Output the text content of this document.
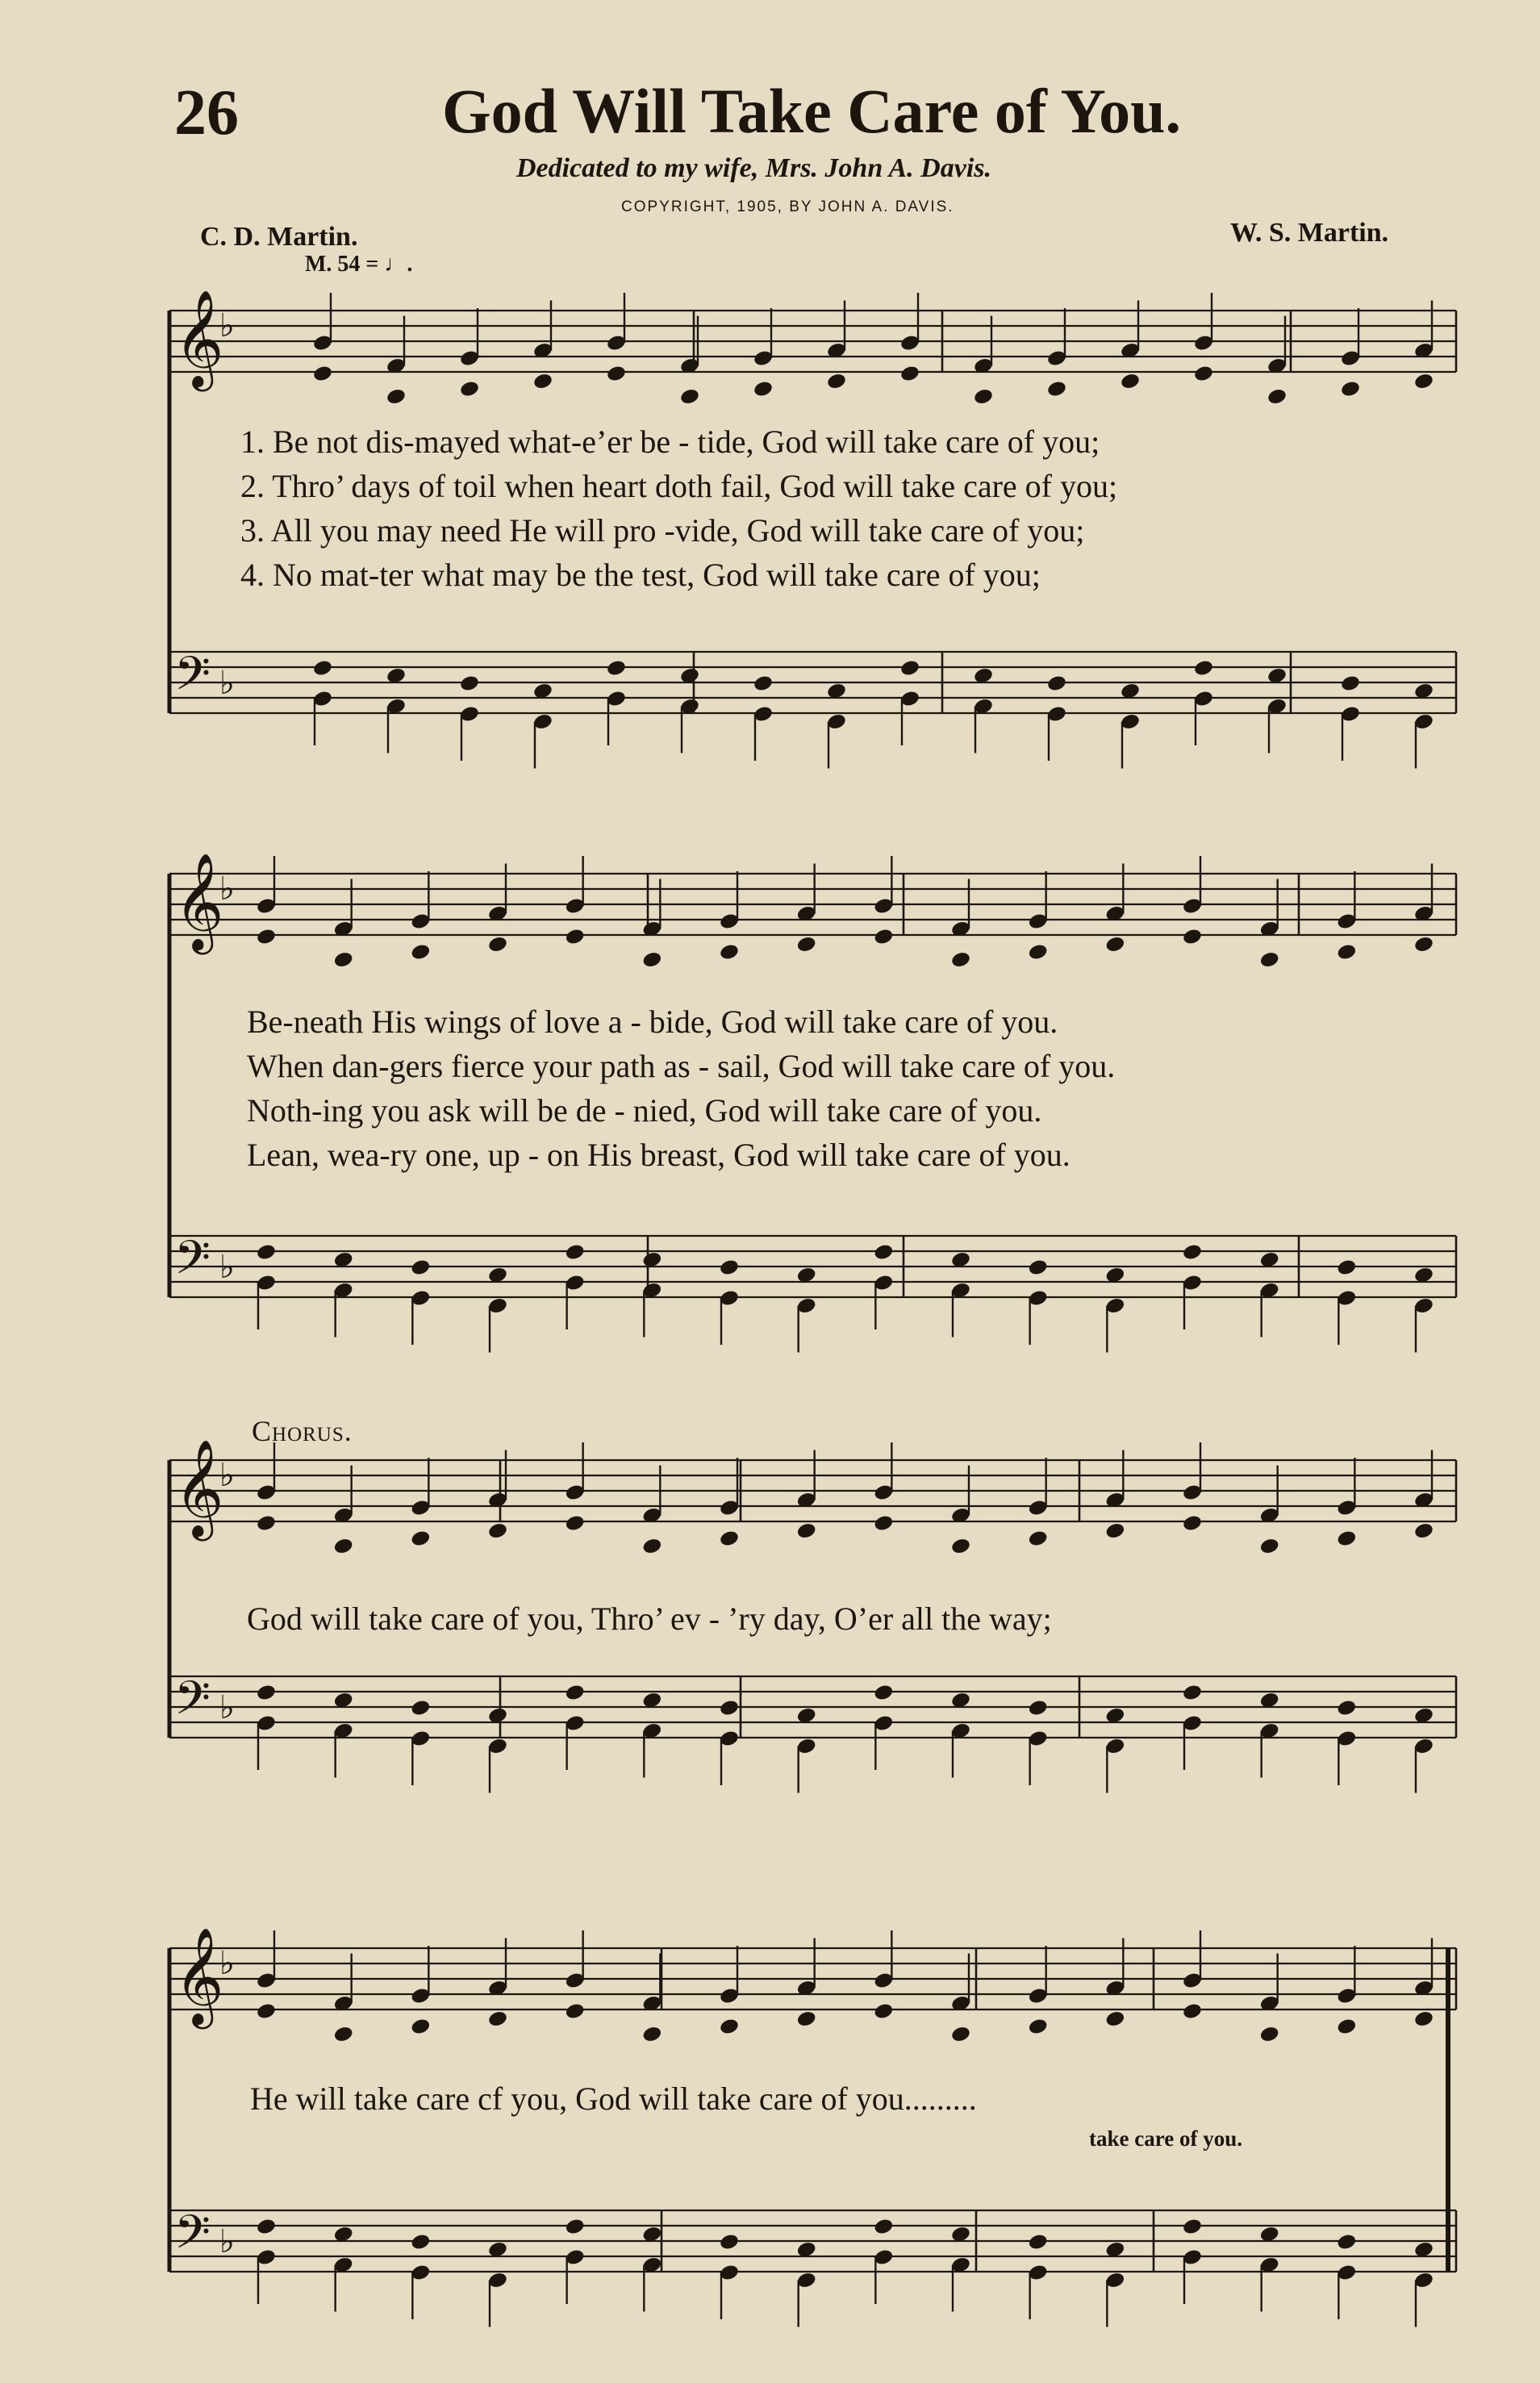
26	God Will Take Care of You.
Dedicated to my wife, Mrs. John A. Davis.
COPYRIGHT, 1905, BY JOHN A. DAVIS.
C. D. Martin.	W. S. Martin.
M. 54 = ♩.
1. Be not dis-mayed what-e’er be - tide, God will take care of you;
2. Thro’ days of toil when heart doth fail, God will take care of you;
3. All you may need He will pro -vide, God will take care of you;
4. No mat-ter what may be the test, God will take care of you;
Be-neath His wings of love a - bide, God will take care of you.
When dan-gers fierce your path as - sail, God will take care of you.
Noth-ing you ask will be de - nied, God will take care of you.
Lean, wea-ry one, up - on His breast, God will take care of you.
Chorus.
God will take care of you, Thro’ ev - ’ry day, O’er all the way;
He will take care cf you, God will take care of you.........
take care of you.
𝄞
♭
𝄢 ♭
𝄞
♭
𝄢 ♭
𝄞
♭
𝄢 ♭
𝄞
♭
𝄢 ♭
